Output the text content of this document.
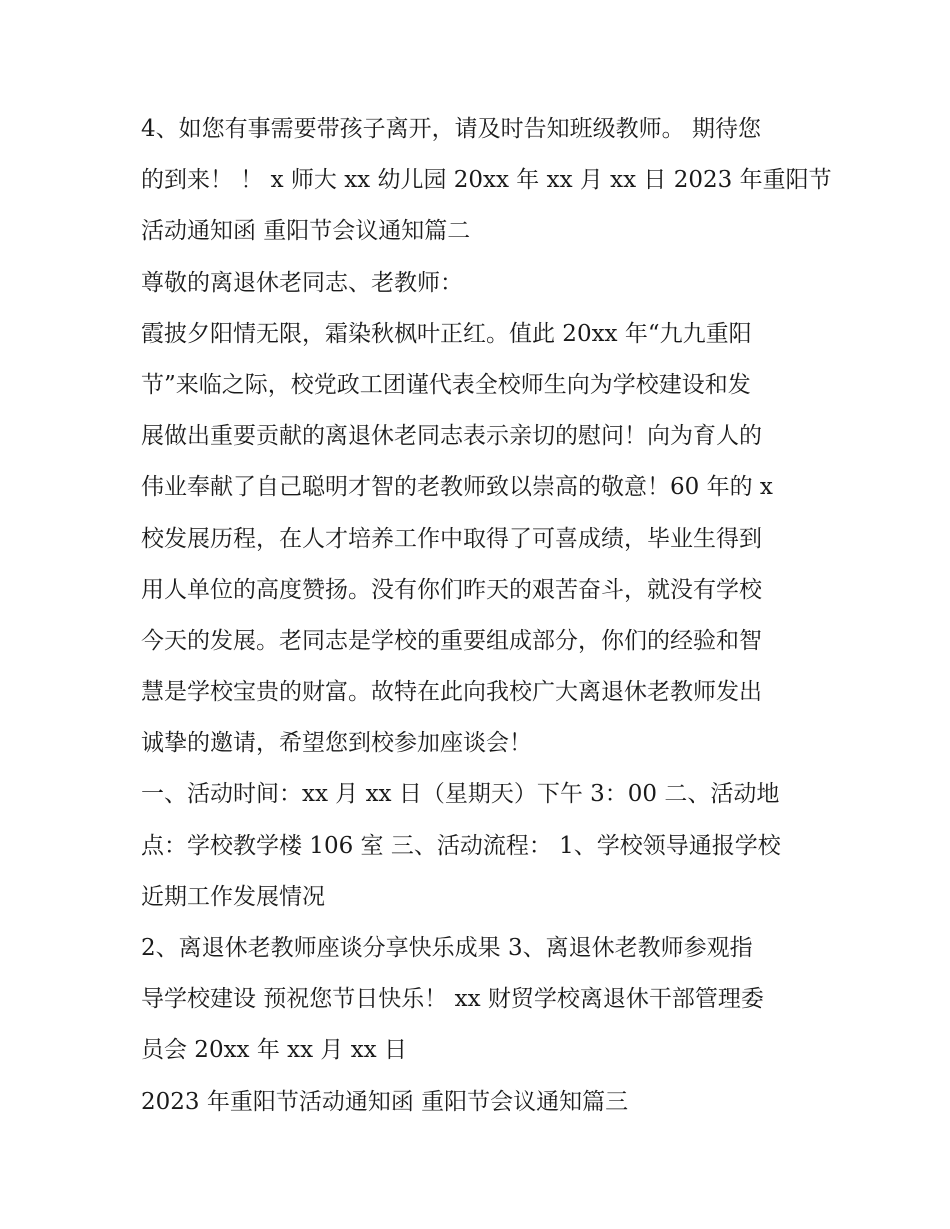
4、如您有事需要带孩子离开，请及时告知班级教师。 期待您
的到来！ ！ x 师大 xx 幼儿园 20xx 年 xx 月 xx 日 2023 年重阳节
活动通知函 重阳节会议通知篇二
尊敬的离退休老同志、老教师：
霞披夕阳情无限，霜染秋枫叶正红。值此 20xx 年“九九重阳
节”来临之际，校党政工团谨代表全校师生向为学校建设和发
展做出重要贡献的离退休老同志表示亲切的慰问！向为育人的
伟业奉献了自己聪明才智的老教师致以崇高的敬意！60 年的 x
校发展历程，在人才培养工作中取得了可喜成绩，毕业生得到
用人单位的高度赞扬。没有你们昨天的艰苦奋斗，就没有学校
今天的发展。老同志是学校的重要组成部分，你们的经验和智
慧是学校宝贵的财富。故特在此向我校广大离退休老教师发出
诚挚的邀请，希望您到校参加座谈会！
一、活动时间：xx 月 xx 日（星期天）下午 3：00 二、活动地
点：学校教学楼 106 室 三、活动流程： 1、学校领导通报学校
近期工作发展情况
2、离退休老教师座谈分享快乐成果 3、离退休老教师参观指
导学校建设 预祝您节日快乐！ xx 财贸学校离退休干部管理委
员会 20xx 年 xx 月 xx 日
2023 年重阳节活动通知函 重阳节会议通知篇三
